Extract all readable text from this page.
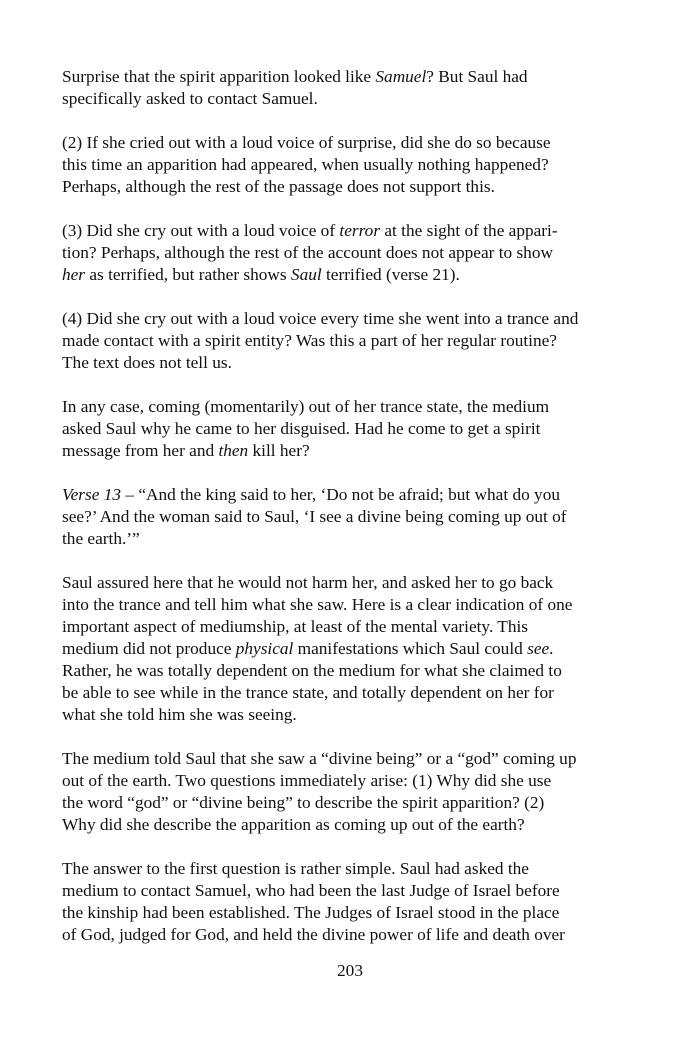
Surprise that the spirit apparition looked like Samuel? But Saul had
specifically asked to contact Samuel.
(2) If she cried out with a loud voice of surprise, did she do so because
this time an apparition had appeared, when usually nothing happened?
Perhaps, although the rest of the passage does not support this.
(3) Did she cry out with a loud voice of terror at the sight of the appari-
tion? Perhaps, although the rest of the account does not appear to show
her as terrified, but rather shows Saul terrified (verse 21).
(4) Did she cry out with a loud voice every time she went into a trance and
made contact with a spirit entity? Was this a part of her regular routine?
The text does not tell us.
In any case, coming (momentarily) out of her trance state, the medium
asked Saul why he came to her disguised. Had he come to get a spirit
message from her and then kill her?
Verse 13 – “And the king said to her, ‘Do not be afraid; but what do you
see?’ And the woman said to Saul, ‘I see a divine being coming up out of
the earth.’”
Saul assured here that he would not harm her, and asked her to go back
into the trance and tell him what she saw. Here is a clear indication of one
important aspect of mediumship, at least of the mental variety. This
medium did not produce physical manifestations which Saul could see.
Rather, he was totally dependent on the medium for what she claimed to
be able to see while in the trance state, and totally dependent on her for
what she told him she was seeing.
The medium told Saul that she saw a “divine being” or a “god” coming up
out of the earth. Two questions immediately arise: (1) Why did she use
the word “god” or “divine being” to describe the spirit apparition? (2)
Why did she describe the apparition as coming up out of the earth?
The answer to the first question is rather simple. Saul had asked the
medium to contact Samuel, who had been the last Judge of Israel before
the kinship had been established. The Judges of Israel stood in the place
of God, judged for God, and held the divine power of life and death over
203
